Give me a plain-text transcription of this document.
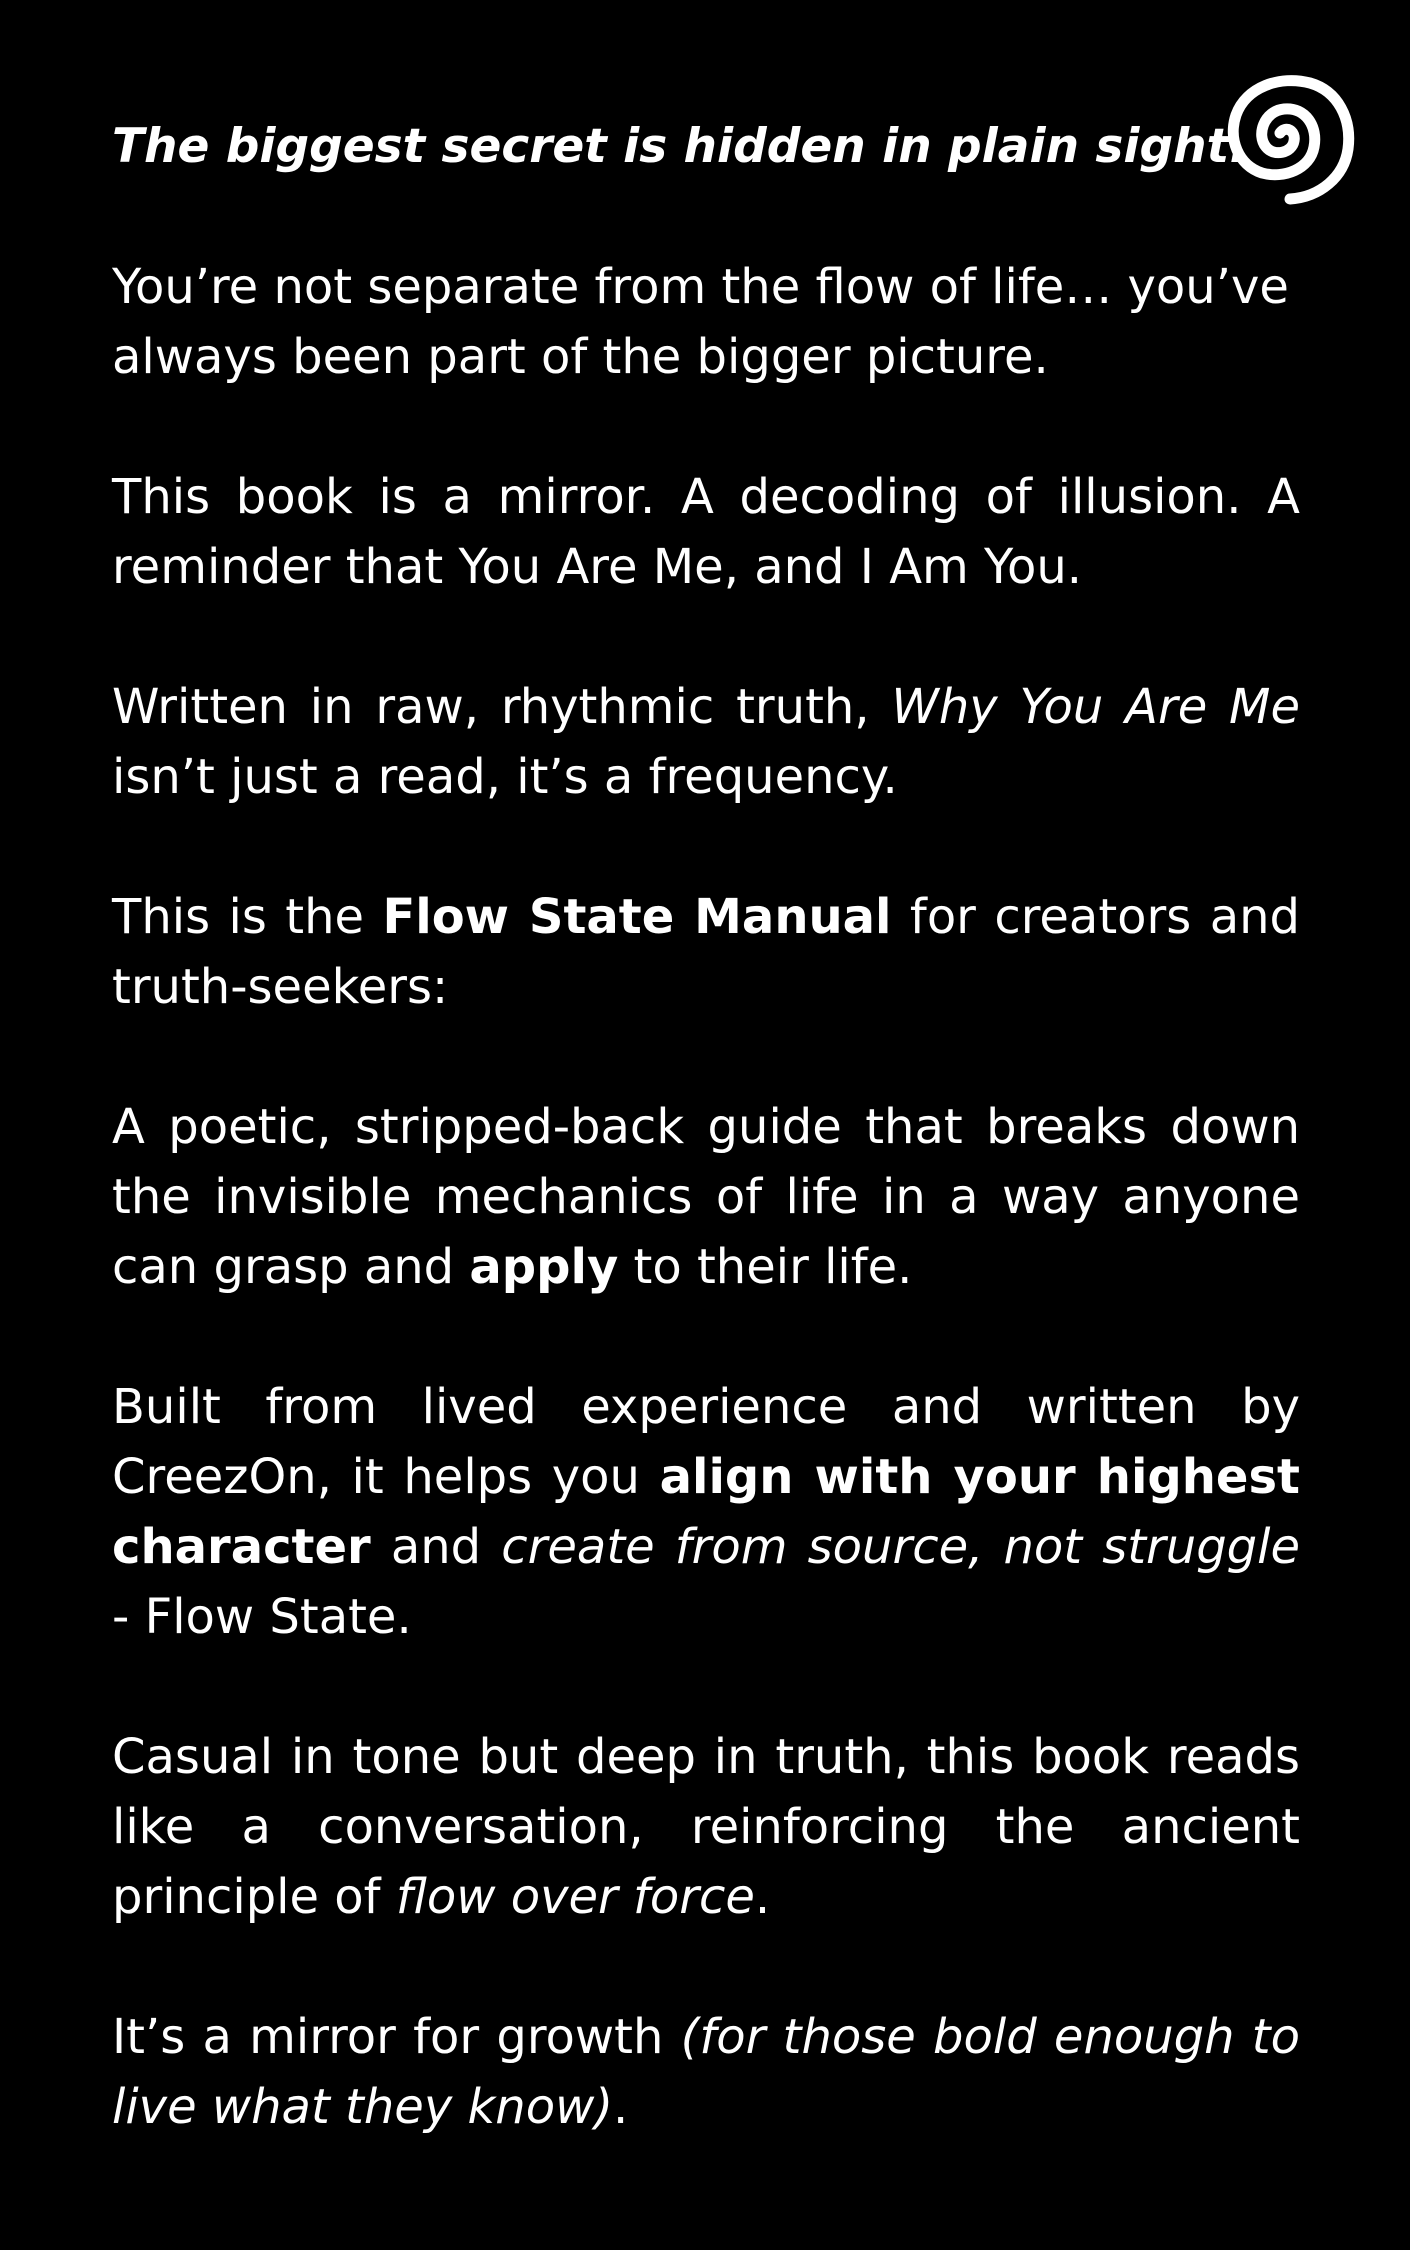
The biggest secret is hidden in plain sight.

You’re not separate from the flow of life… you’ve always been part of the bigger picture.

This book is a mirror. A decoding of illusion. A reminder that You Are Me, and I Am You.

Written in raw, rhythmic truth, Why You Are Me isn’t just a read, it’s a frequency.

This is the Flow State Manual for creators and truth-seekers:

A poetic, stripped-back guide that breaks down the invisible mechanics of life in a way anyone can grasp and apply to their life.

Built from lived experience and written by CreezOn, it helps you align with your highest character and create from source, not struggle - Flow State.

Casual in tone but deep in truth, this book reads like a conversation, reinforcing the ancient principle of flow over force.

It’s a mirror for growth (for those bold enough to live what they know).
